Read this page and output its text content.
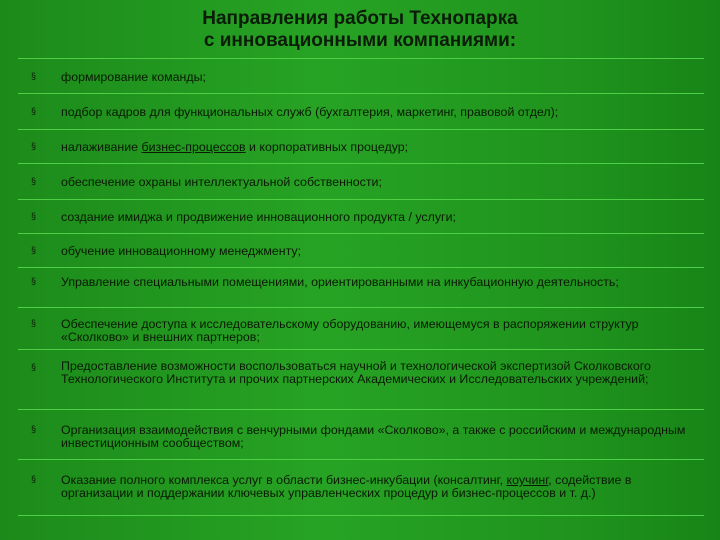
Направления работы Технопарка
с инновационными компаниями:
§ формирование команды;
§ подбор кадров для функциональных служб (бухгалтерия, маркетинг, правовой отдел);
§ налаживание бизнес-процессов и корпоративных процедур;
§ обеспечение охраны интеллектуальной собственности;
§ создание имиджа и продвижение инновационного продукта / услуги;
§ обучение инновационному менеджменту;
§ Управление специальными помещениями, ориентированными на инкубационную деятельность;
§ Обеспечение доступа к исследовательскому оборудованию, имеющемуся в распоряжении структур «Сколково» и внешних партнеров;
§ Предоставление возможности воспользоваться научной и технологической экспертизой Сколковского Технологического Института и прочих партнерских Академических и Исследовательских учреждений;
§ Организация взаимодействия с венчурными фондами «Сколково», а также с российским и международным инвестиционным сообществом;
§ Оказание полного комплекса услуг в области бизнес-инкубации (консалтинг, коучинг, содействие в организации и поддержании ключевых управленческих процедур и бизнес-процессов и т. д.)
